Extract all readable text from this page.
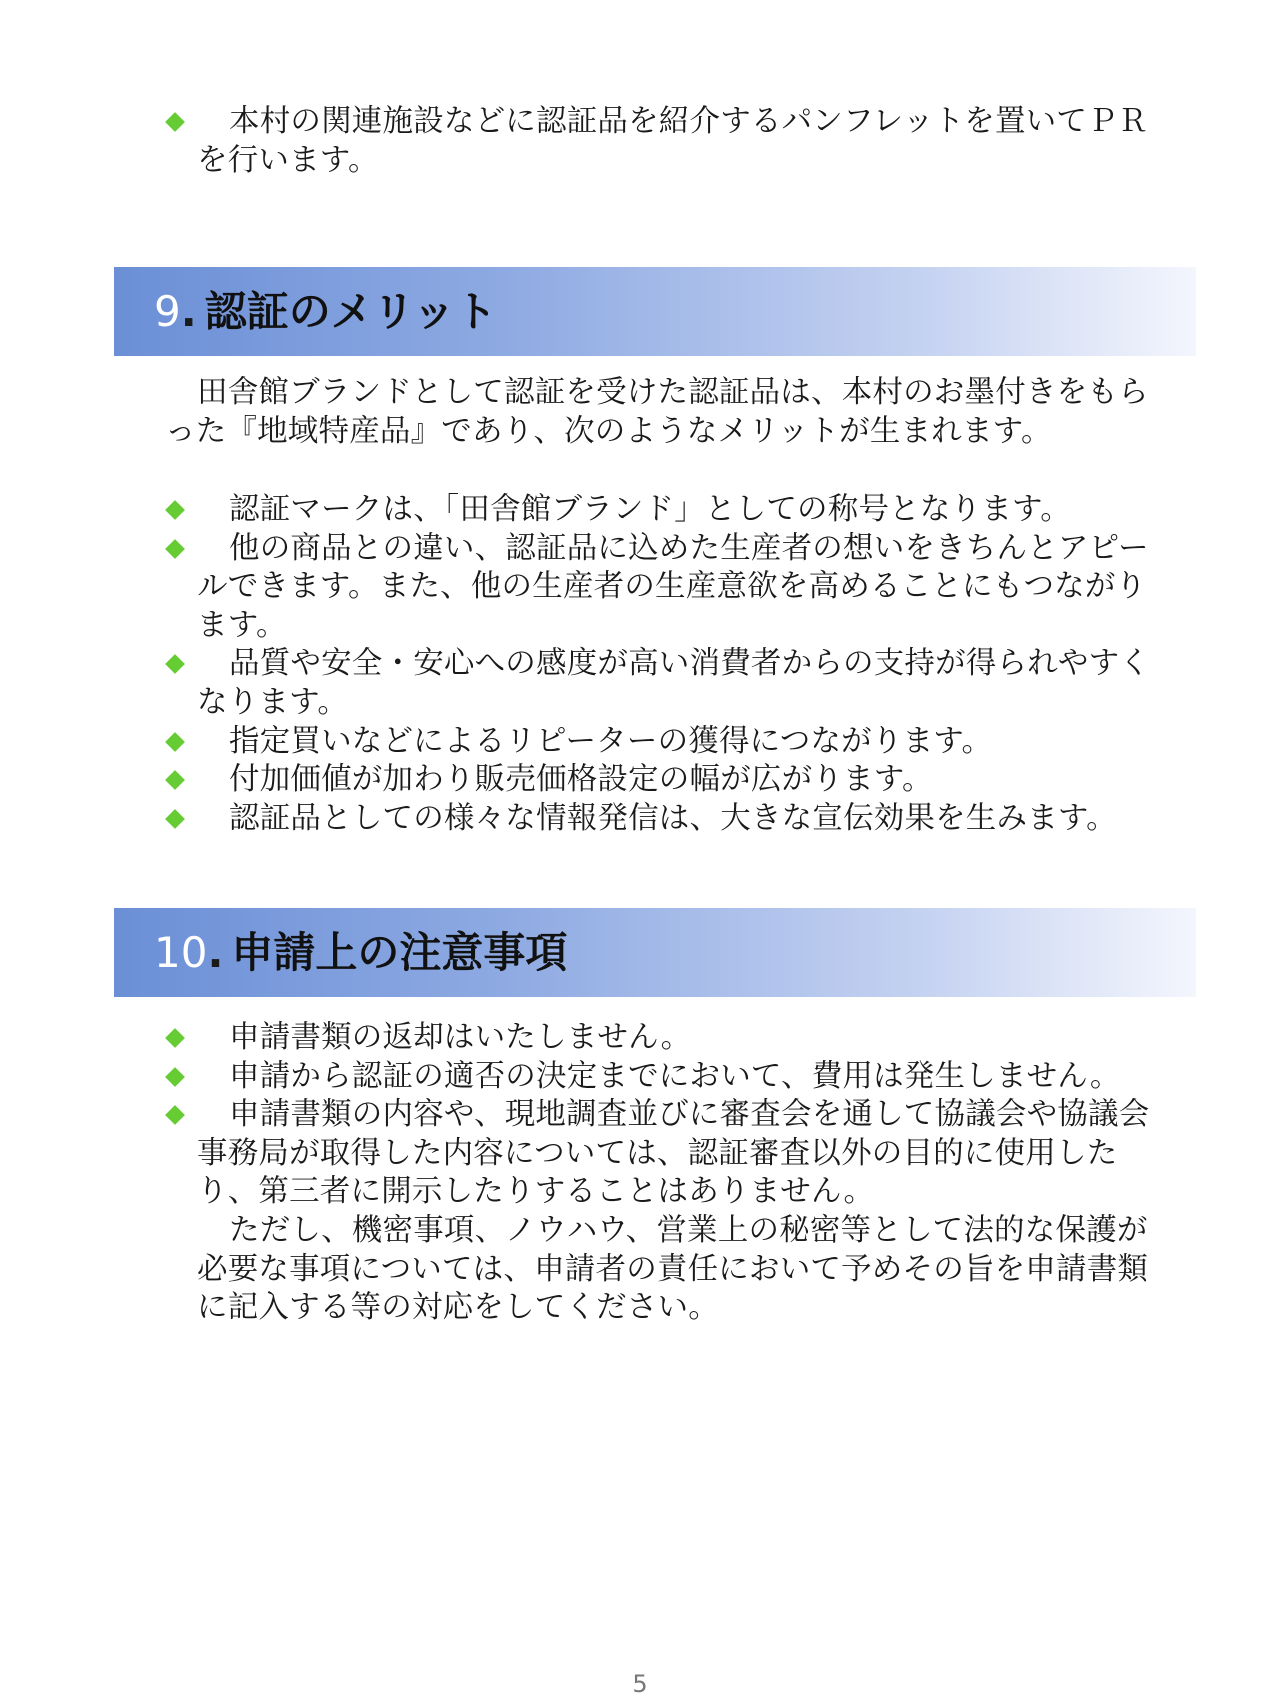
本村の関連施設などに認証品を紹介するパンフレットを置いてＰＲを行います。
9. 認証のメリット

田舎館ブランドとして認証を受けた認証品は、本村のお墨付きをもらった『地域特産品』であり、次のようなメリットが生まれます。

認証マークは、「田舎館ブランド」としての称号となります。
他の商品との違い、認証品に込めた生産者の想いをきちんとアピールできます。また、他の生産者の生産意欲を高めることにもつながります。
品質や安全・安心への感度が高い消費者からの支持が得られやすくなります。
指定買いなどによるリピーターの獲得につながります。
付加価値が加わり販売価格設定の幅が広がります。
認証品としての様々な情報発信は、大きな宣伝効果を生みます。
10. 申請上の注意事項
申請書類の返却はいたしません。
申請から認証の適否の決定までにおいて、費用は発生しません。
申請書類の内容や、現地調査並びに審査会を通して協議会や協議会事務局が取得した内容については、認証審査以外の目的に使用したり、第三者に開示したりすることはありません。

ただし、機密事項、ノウハウ、営業上の秘密等として法的な保護が必要な事項については、申請者の責任において予めその旨を申請書類に記入する等の対応をしてください。

5
